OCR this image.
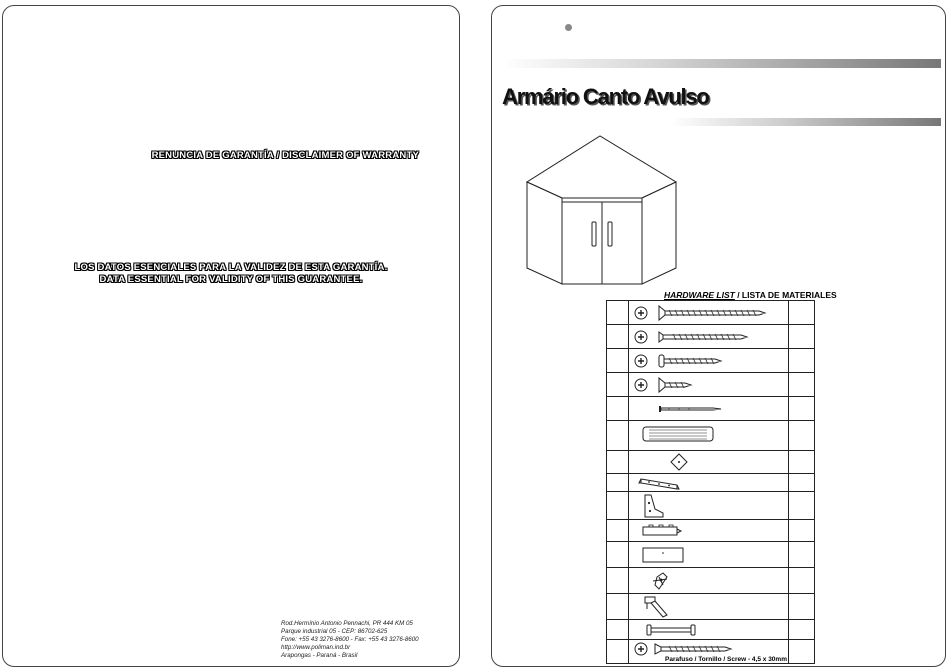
RENUNCIA DE GARANTÍA / DISCLAIMER OF WARRANTY
LOS DATOS ESENCIALES PARA LA VALIDEZ DE ESTA GARANTÍA.
DATA ESSENTIAL FOR VALIDITY OF THIS GUARANTEE.
Rod.Hermínio Antonio Pennachi, PR 444 KM 05
Parque industrial 05 - CEP: 86702-625
Fone: +55 43 3276-8600 - Fax: +55 43 3276-8600
http://www.poliman.ind.br
Arapongas - Paraná - Brasil
Armário Canto Avulso
HARDWARE LIST / LISTA DE MATERIALES

	Parafuso / Tornillo / Screw - 4,5 x 30mm	
